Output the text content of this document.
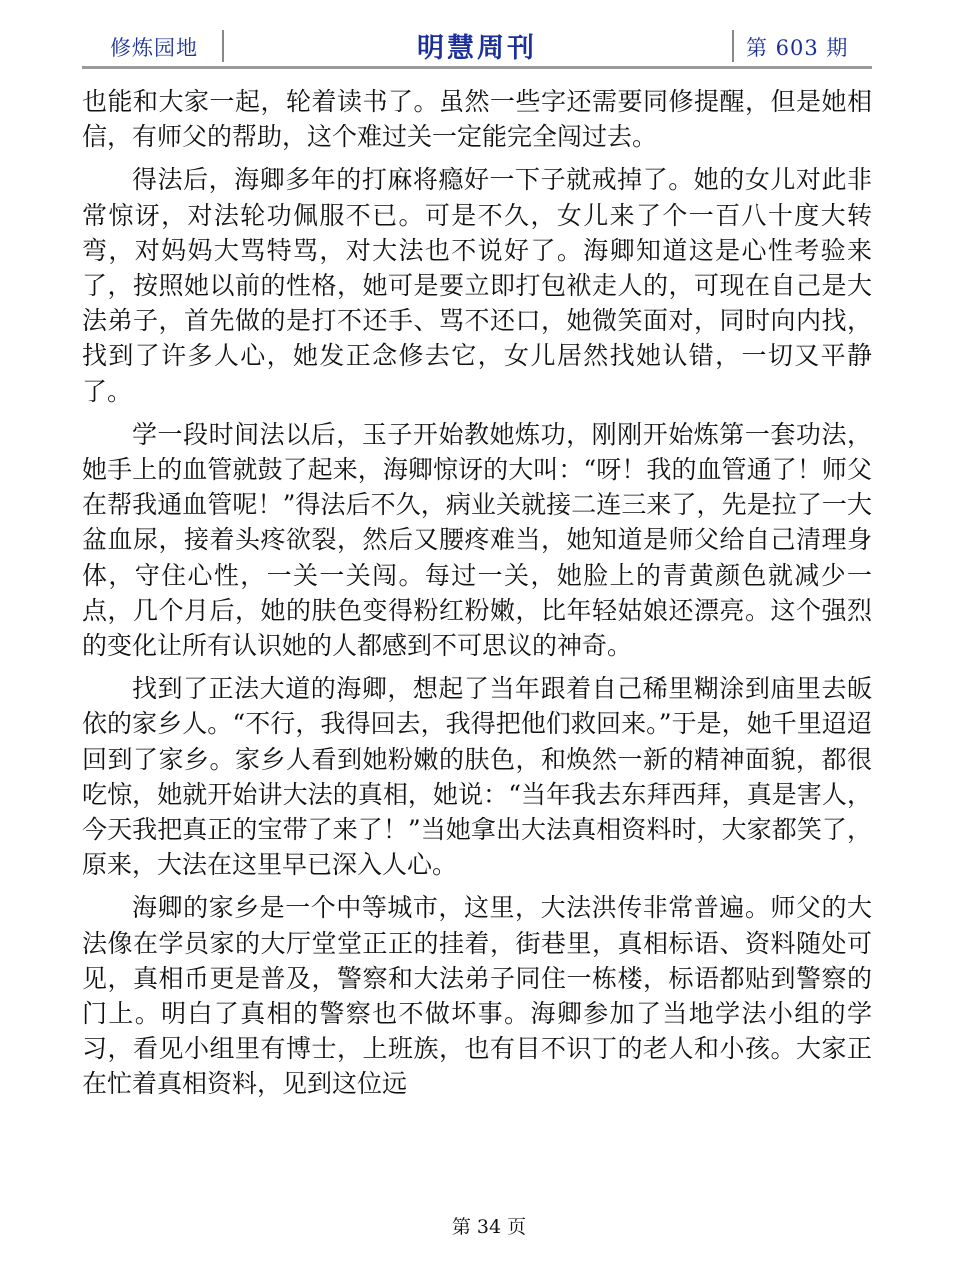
修炼园地	明慧周刊	第 603 期

也能和大家一起，轮着读书了。虽然一些字还需要同修提醒，但是她相信，有师父的帮助，这个难过关一定能完全闯过去。

得法后，海卿多年的打麻将瘾好一下子就戒掉了。她的女儿对此非常惊讶，对法轮功佩服不已。可是不久，女儿来了个一百八十度大转弯，对妈妈大骂特骂，对大法也不说好了。海卿知道这是心性考验来了，按照她以前的性格，她可是要立即打包袱走人的，可现在自己是大法弟子，首先做的是打不还手、骂不还口，她微笑面对，同时向内找，找到了许多人心，她发正念修去它，女儿居然找她认错，一切又平静了。

学一段时间法以后，玉子开始教她炼功，刚刚开始炼第一套功法，她手上的血管就鼓了起来，海卿惊讶的大叫：“呀！我的血管通了！师父在帮我通血管呢！”得法后不久，病业关就接二连三来了，先是拉了一大盆血尿，接着头疼欲裂，然后又腰疼难当，她知道是师父给自己清理身体，守住心性，一关一关闯。每过一关，她脸上的青黄颜色就减少一点，几个月后，她的肤色变得粉红粉嫩，比年轻姑娘还漂亮。这个强烈的变化让所有认识她的人都感到不可思议的神奇。

找到了正法大道的海卿，想起了当年跟着自己稀里糊涂到庙里去皈依的家乡人。“不行，我得回去，我得把他们救回来。”于是，她千里迢迢回到了家乡。家乡人看到她粉嫩的肤色，和焕然一新的精神面貌，都很吃惊，她就开始讲大法的真相，她说：“当年我去东拜西拜，真是害人，今天我把真正的宝带了来了！”当她拿出大法真相资料时，大家都笑了，原来，大法在这里早已深入人心。

海卿的家乡是一个中等城市，这里，大法洪传非常普遍。师父的大法像在学员家的大厅堂堂正正的挂着，街巷里，真相标语、资料随处可见，真相币更是普及，警察和大法弟子同住一栋楼，标语都贴到警察的门上。明白了真相的警察也不做坏事。海卿参加了当地学法小组的学习，看见小组里有博士，上班族，也有目不识丁的老人和小孩。大家正在忙着真相资料，见到这位远

第 34 页
